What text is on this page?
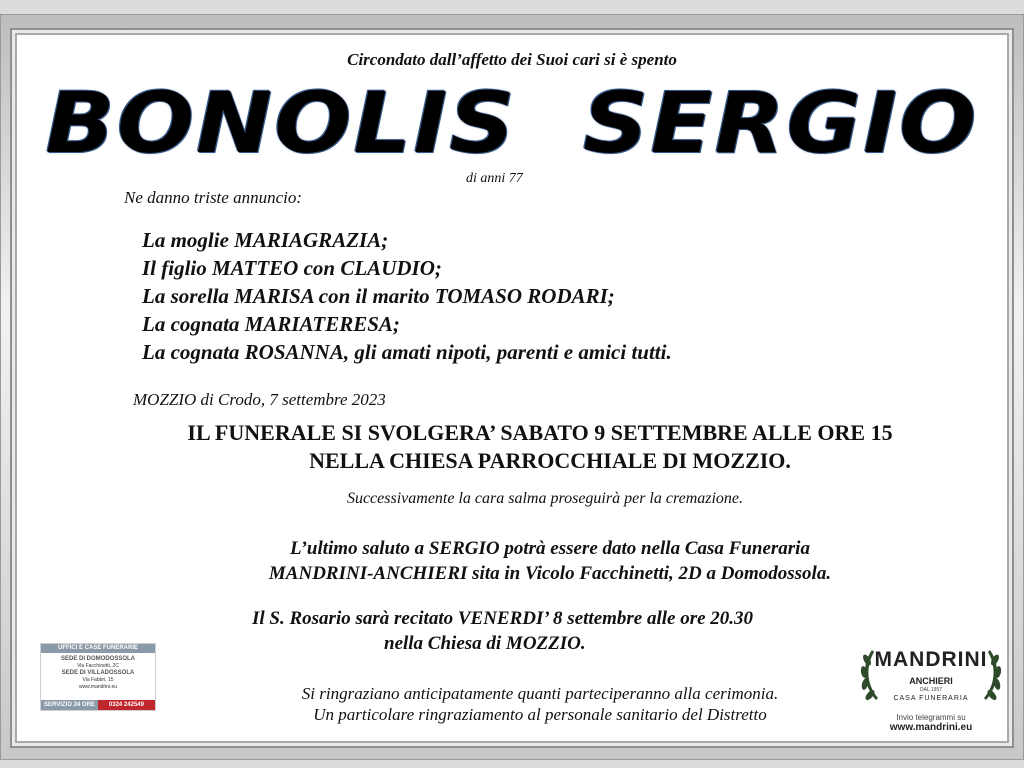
Circondato dall’affetto dei Suoi cari si è spento
BONOLIS SERGIO
di anni 77
Ne danno triste annuncio:
La moglie MARIAGRAZIA;
Il figlio MATTEO con CLAUDIO;
La sorella MARISA con il marito TOMASO RODARI;
La cognata MARIATERESA;
La cognata ROSANNA, gli amati nipoti, parenti e amici tutti.
MOZZIO di Crodo, 7 settembre 2023
IL FUNERALE SI SVOLGERA’ SABATO 9 SETTEMBRE ALLE ORE 15
NELLA CHIESA PARROCCHIALE DI MOZZIO.
Successivamente la cara salma proseguirà per la cremazione.
L’ultimo saluto a SERGIO potrà essere dato nella Casa Funeraria
MANDRINI-ANCHIERI sita in Vicolo Facchinetti, 2D a Domodossola.
Il S. Rosario sarà recitato VENERDI’ 8 settembre alle ore 20.30
nella Chiesa di MOZZIO.
Si ringraziano anticipatamente quanti parteciperanno alla cerimonia.
Un particolare ringraziamento al personale sanitario del Distretto
UFFICI E CASE FUNERARIE
SEDE DI DOMODOSSOLA
Via Facchinetti, 2C
SEDE DI VILLADOSSOLA
Via Fabbri, 15
www.mandrini.eu
SERVIZIO 24 ORE	0324 242549
MANDRINI
ANCHIERI
DAL 1957
CASA FUNERARIA
Invio telegrammi su
www.mandrini.eu
